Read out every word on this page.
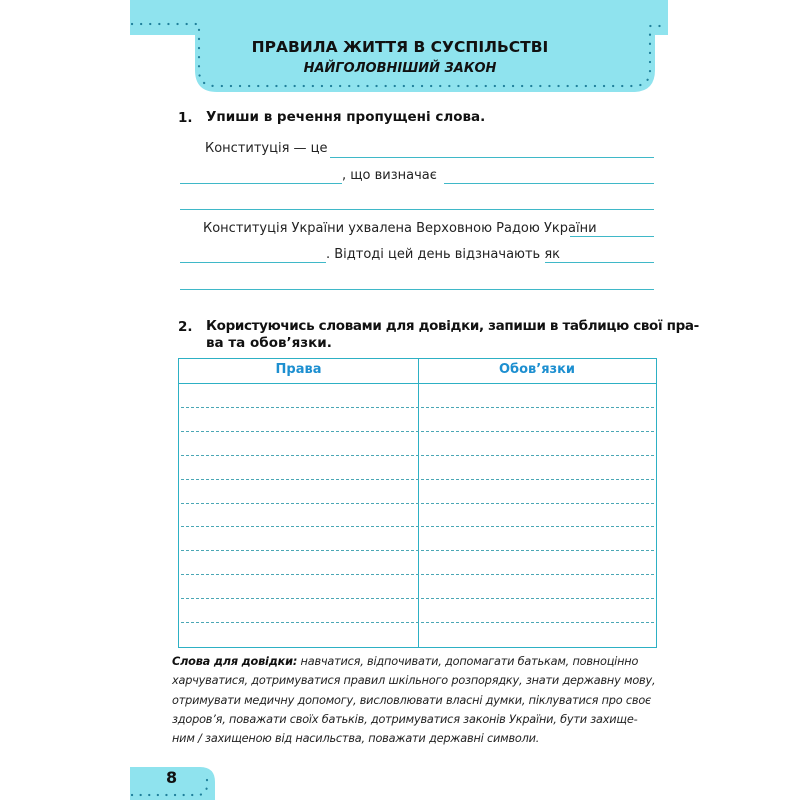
ПРАВИЛА ЖИТТЯ В СУСПІЛЬСТВІ
НАЙГОЛОВНІШИЙ ЗАКОН
1. Упиши в речення пропущені слова.
Конституція — це
, що визначає
Конституція України ухвалена Верховною Радою України
. Відтоді цей день відзначають як
2. Користуючись словами для довідки, запиши в таблицю свої пра-
ва та обов’язки.
Права	Обов’язки
Слова для довідки: навчатися, відпочивати, допомагати батькам, повноцінно харчуватися, дотримуватися правил шкільного розпорядку, знати державну мову, отримувати медичну допомогу, висловлювати власні думки, піклуватися про своє здоров’я, поважати своїх батьків, дотримуватися законів України, бути захище- ним / захищеною від насильства, поважати державні символи.
8
